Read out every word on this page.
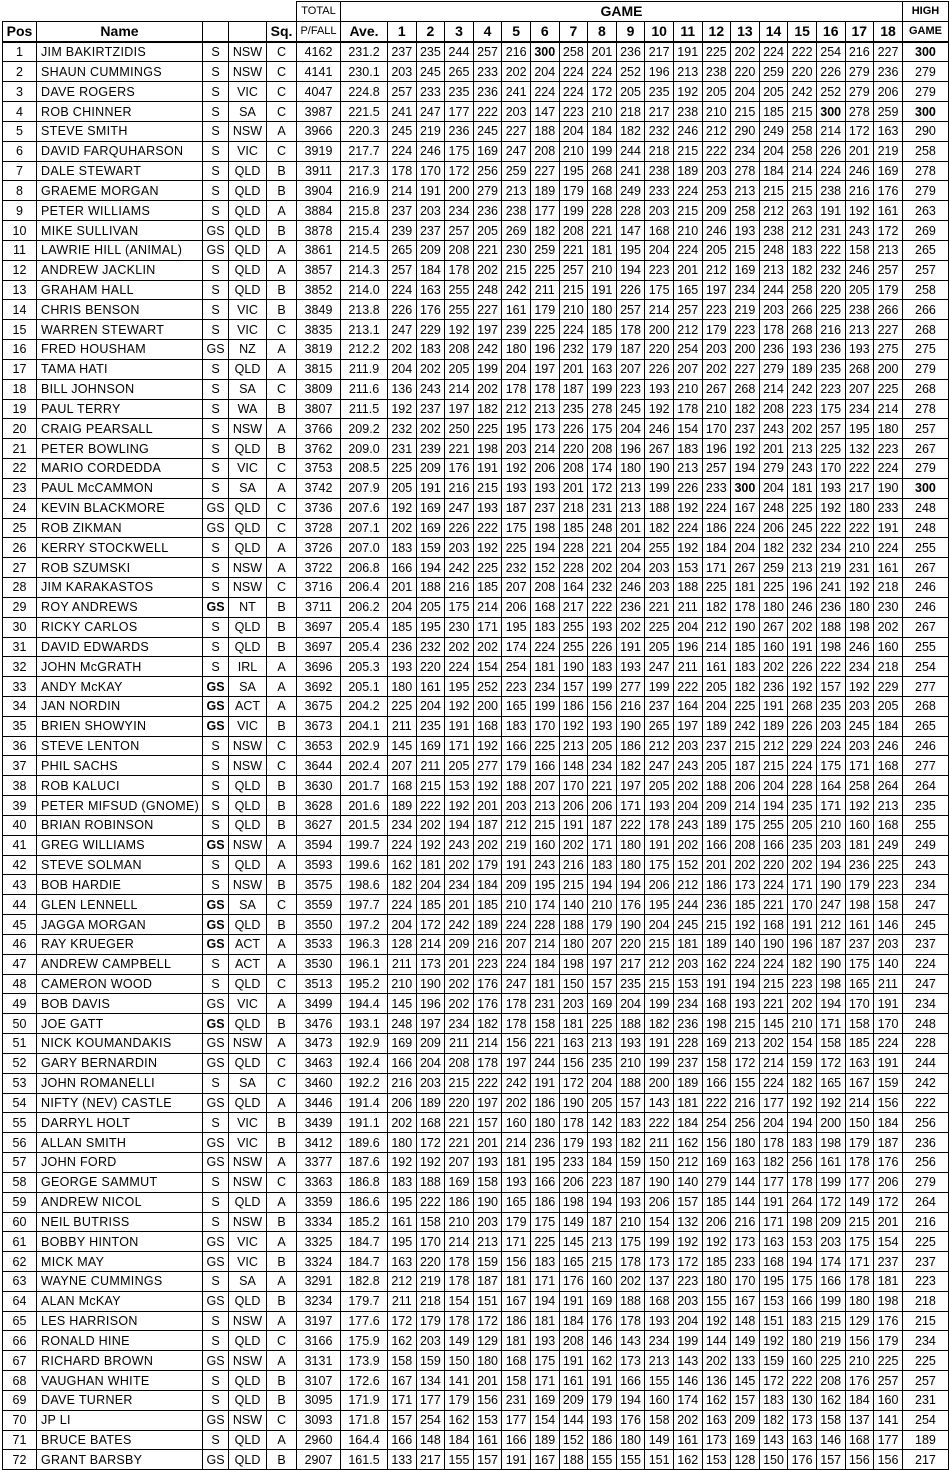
					TOTAL	GAME																			HIGH
Pos	Name			Sq.	P/FALL	Ave.	1	2	3	4	5	6	7	8	9	10	11	12	13	14	15	16	17	18	GAME
1	JIM BAKIRTZIDIS	S	NSW	C	4162	231.2	237	235	244	257	216	300	258	201	236	217	191	225	202	224	222	254	216	227	300
2	SHAUN CUMMINGS	S	NSW	C	4141	230.1	203	245	265	233	202	204	224	224	252	196	213	238	220	259	220	226	279	236	279
3	DAVE ROGERS	S	VIC	C	4047	224.8	257	233	235	236	241	224	224	172	205	235	192	205	204	205	242	252	279	206	279
4	ROB CHINNER	S	SA	C	3987	221.5	241	247	177	222	203	147	223	210	218	217	238	210	215	185	215	300	278	259	300
5	STEVE SMITH	S	NSW	A	3966	220.3	245	219	236	245	227	188	204	184	182	232	246	212	290	249	258	214	172	163	290
6	DAVID FARQUHARSON	S	VIC	C	3919	217.7	224	246	175	169	247	208	210	199	244	218	215	222	234	204	258	226	201	219	258
7	DALE STEWART	S	QLD	B	3911	217.3	178	170	172	256	259	227	195	268	241	238	189	203	278	184	214	224	246	169	278
8	GRAEME MORGAN	S	QLD	B	3904	216.9	214	191	200	279	213	189	179	168	249	233	224	253	213	215	215	238	216	176	279
9	PETER WILLIAMS	S	QLD	A	3884	215.8	237	203	234	236	238	177	199	228	228	203	215	209	258	212	263	191	192	161	263
10	MIKE SULLIVAN	GS	QLD	B	3878	215.4	239	237	257	205	269	182	208	221	147	168	210	246	193	238	212	231	243	172	269
11	LAWRIE HILL (ANIMAL)	GS	QLD	A	3861	214.5	265	209	208	221	230	259	221	181	195	204	224	205	215	248	183	222	158	213	265
12	ANDREW JACKLIN	S	QLD	A	3857	214.3	257	184	178	202	215	225	257	210	194	223	201	212	169	213	182	232	246	257	257
13	GRAHAM HALL	S	QLD	B	3852	214.0	224	163	255	248	242	211	215	191	226	175	165	197	234	244	258	220	205	179	258
14	CHRIS BENSON	S	VIC	B	3849	213.8	226	176	255	227	161	179	210	180	257	214	257	223	219	203	266	225	238	266	266
15	WARREN STEWART	S	VIC	C	3835	213.1	247	229	192	197	239	225	224	185	178	200	212	179	223	178	268	216	213	227	268
16	FRED HOUSHAM	GS	NZ	A	3819	212.2	202	183	208	242	180	196	232	179	187	220	254	203	200	236	193	236	193	275	275
17	TAMA HATI	S	QLD	A	3815	211.9	204	202	205	199	204	197	201	163	207	226	207	202	227	279	189	235	268	200	279
18	BILL JOHNSON	S	SA	C	3809	211.6	136	243	214	202	178	178	187	199	223	193	210	267	268	214	242	223	207	225	268
19	PAUL TERRY	S	WA	B	3807	211.5	192	237	197	182	212	213	235	278	245	192	178	210	182	208	223	175	234	214	278
20	CRAIG PEARSALL	S	NSW	A	3766	209.2	232	202	250	225	195	173	226	175	204	246	154	170	237	243	202	257	195	180	257
21	PETER BOWLING	S	QLD	B	3762	209.0	231	239	221	198	203	214	220	208	196	267	183	196	192	201	213	225	132	223	267
22	MARIO CORDEDDA	S	VIC	C	3753	208.5	225	209	176	191	192	206	208	174	180	190	213	257	194	279	243	170	222	224	279
23	PAUL McCAMMON	S	SA	A	3742	207.9	205	191	216	215	193	193	201	172	213	199	226	233	300	204	181	193	217	190	300
24	KEVIN BLACKMORE	GS	QLD	C	3736	207.6	192	169	247	193	187	237	218	231	213	188	192	224	167	248	225	192	180	233	248
25	ROB ZIKMAN	GS	QLD	C	3728	207.1	202	169	226	222	175	198	185	248	201	182	224	186	224	206	245	222	222	191	248
26	KERRY STOCKWELL	S	QLD	A	3726	207.0	183	159	203	192	225	194	228	221	204	255	192	184	204	182	232	234	210	224	255
27	ROB SZUMSKI	S	NSW	A	3722	206.8	166	194	242	225	232	152	228	202	204	203	153	171	267	259	213	219	231	161	267
28	JIM KARAKASTOS	S	NSW	C	3716	206.4	201	188	216	185	207	208	164	232	246	203	188	225	181	225	196	241	192	218	246
29	ROY ANDREWS	GS	NT	B	3711	206.2	204	205	175	214	206	168	217	222	236	221	211	182	178	180	246	236	180	230	246
30	RICKY CARLOS	S	QLD	B	3697	205.4	185	195	230	171	195	183	255	193	202	225	204	212	190	267	202	188	198	202	267
31	DAVID EDWARDS	S	QLD	B	3697	205.4	236	232	202	202	174	224	255	226	191	205	196	214	185	160	191	198	246	160	255
32	JOHN McGRATH	S	IRL	A	3696	205.3	193	220	224	154	254	181	190	183	193	247	211	161	183	202	226	222	234	218	254
33	ANDY McKAY	GS	SA	A	3692	205.1	180	161	195	252	223	234	157	199	277	199	222	205	182	236	192	157	192	229	277
34	JAN NORDIN	GS	ACT	A	3675	204.2	225	204	192	200	165	199	186	156	216	237	164	204	225	191	268	235	203	205	268
35	BRIEN SHOWYIN	GS	VIC	B	3673	204.1	211	235	191	168	183	170	192	193	190	265	197	189	242	189	226	203	245	184	265
36	STEVE LENTON	S	NSW	C	3653	202.9	145	169	171	192	166	225	213	205	186	212	203	237	215	212	229	224	203	246	246
37	PHIL SACHS	S	NSW	C	3644	202.4	207	211	205	277	179	166	148	234	182	247	243	205	187	215	224	175	171	168	277
38	ROB KALUCI	S	QLD	B	3630	201.7	168	215	153	192	188	207	170	221	197	205	202	188	206	204	228	164	258	264	264
39	PETER MIFSUD (GNOME)	S	QLD	B	3628	201.6	189	222	192	201	203	213	206	206	171	193	204	209	214	194	235	171	192	213	235
40	BRIAN ROBINSON	S	QLD	B	3627	201.5	234	202	194	187	212	215	191	187	222	178	243	189	175	255	205	210	160	168	255
41	GREG WILLIAMS	GS	NSW	A	3594	199.7	224	192	243	202	219	160	202	171	180	191	202	166	208	166	235	203	181	249	249
42	STEVE SOLMAN	S	QLD	A	3593	199.6	162	181	202	179	191	243	216	183	180	175	152	201	202	220	202	194	236	225	243
43	BOB HARDIE	S	NSW	B	3575	198.6	182	204	234	184	209	195	215	194	194	206	212	186	173	224	171	190	179	223	234
44	GLEN LENNELL	GS	SA	C	3559	197.7	224	185	201	185	210	174	140	210	176	195	244	236	185	221	170	247	198	158	247
45	JAGGA MORGAN	GS	QLD	B	3550	197.2	204	172	242	189	224	228	188	179	190	204	245	215	192	168	191	212	161	146	245
46	RAY KRUEGER	GS	ACT	A	3533	196.3	128	214	209	216	207	214	180	207	220	215	181	189	140	190	196	187	237	203	237
47	ANDREW CAMPBELL	S	ACT	A	3530	196.1	211	173	201	223	224	184	198	197	217	212	203	162	224	224	182	190	175	140	224
48	CAMERON WOOD	S	QLD	C	3513	195.2	210	190	202	176	247	181	150	157	235	215	153	191	194	215	223	198	165	211	247
49	BOB DAVIS	GS	VIC	A	3499	194.4	145	196	202	176	178	231	203	169	204	199	234	168	193	221	202	194	170	191	234
50	JOE GATT	GS	QLD	B	3476	193.1	248	197	234	182	178	158	181	225	188	182	236	198	215	145	210	171	158	170	248
51	NICK KOUMANDAKIS	GS	NSW	A	3473	192.9	169	209	211	214	156	221	163	213	193	191	228	169	213	202	154	158	185	224	228
52	GARY BERNARDIN	GS	QLD	C	3463	192.4	166	204	208	178	197	244	156	235	210	199	237	158	172	214	159	172	163	191	244
53	JOHN ROMANELLI	S	SA	C	3460	192.2	216	203	215	222	242	191	172	204	188	200	189	166	155	224	182	165	167	159	242
54	NIFTY (NEV) CASTLE	GS	QLD	A	3446	191.4	206	189	220	197	202	186	190	205	157	143	181	222	216	177	192	192	214	156	222
55	DARRYL HOLT	S	VIC	B	3439	191.1	202	168	221	157	160	180	178	142	183	222	184	254	256	204	194	200	150	184	256
56	ALLAN SMITH	GS	VIC	B	3412	189.6	180	172	221	201	214	236	179	193	182	211	162	156	180	178	183	198	179	187	236
57	JOHN FORD	GS	NSW	A	3377	187.6	192	192	207	193	181	195	233	184	159	150	212	169	163	182	256	161	178	176	256
58	GEORGE SAMMUT	S	NSW	C	3363	186.8	183	188	169	158	193	166	206	223	187	190	140	279	144	177	178	199	177	206	279
59	ANDREW NICOL	S	QLD	A	3359	186.6	195	222	186	190	165	186	198	194	193	206	157	185	144	191	264	172	149	172	264
60	NEIL BUTRISS	S	NSW	B	3334	185.2	161	158	210	203	179	175	149	187	210	154	132	206	216	171	198	209	215	201	216
61	BOBBY HINTON	GS	VIC	A	3325	184.7	195	170	214	213	171	225	145	213	175	199	192	192	173	163	153	203	175	154	225
62	MICK MAY	GS	VIC	B	3324	184.7	163	220	178	159	156	183	165	215	178	173	172	185	233	168	194	174	171	237	237
63	WAYNE CUMMINGS	S	SA	A	3291	182.8	212	219	178	187	181	171	176	160	202	137	223	180	170	195	175	166	178	181	223
64	ALAN McKAY	GS	QLD	B	3234	179.7	211	218	154	151	167	194	191	169	188	168	203	155	167	153	166	199	180	198	218
65	LES HARRISON	S	NSW	A	3197	177.6	172	179	178	172	186	181	184	176	178	193	204	192	148	151	183	215	129	176	215
66	RONALD HINE	S	QLD	C	3166	175.9	162	203	149	129	181	193	208	146	143	234	199	144	149	192	180	219	156	179	234
67	RICHARD BROWN	GS	NSW	A	3131	173.9	158	159	150	180	168	175	191	162	173	213	143	202	133	159	160	225	210	225	225
68	VAUGHAN WHITE	S	QLD	B	3107	172.6	167	134	141	201	158	171	161	191	166	155	146	136	145	172	222	208	176	257	257
69	DAVE TURNER	S	QLD	B	3095	171.9	171	177	179	156	231	169	209	179	194	160	174	162	157	183	130	162	184	160	231
70	JP LI	GS	NSW	C	3093	171.8	157	254	162	153	177	154	144	193	176	158	202	163	209	182	173	158	137	141	254
71	BRUCE BATES	S	QLD	A	2960	164.4	166	148	184	161	166	189	152	186	180	149	161	173	169	143	163	146	168	177	189
72	GRANT BARSBY	GS	QLD	B	2907	161.5	133	217	155	157	191	167	188	155	155	151	162	153	128	150	176	157	156	156	217
